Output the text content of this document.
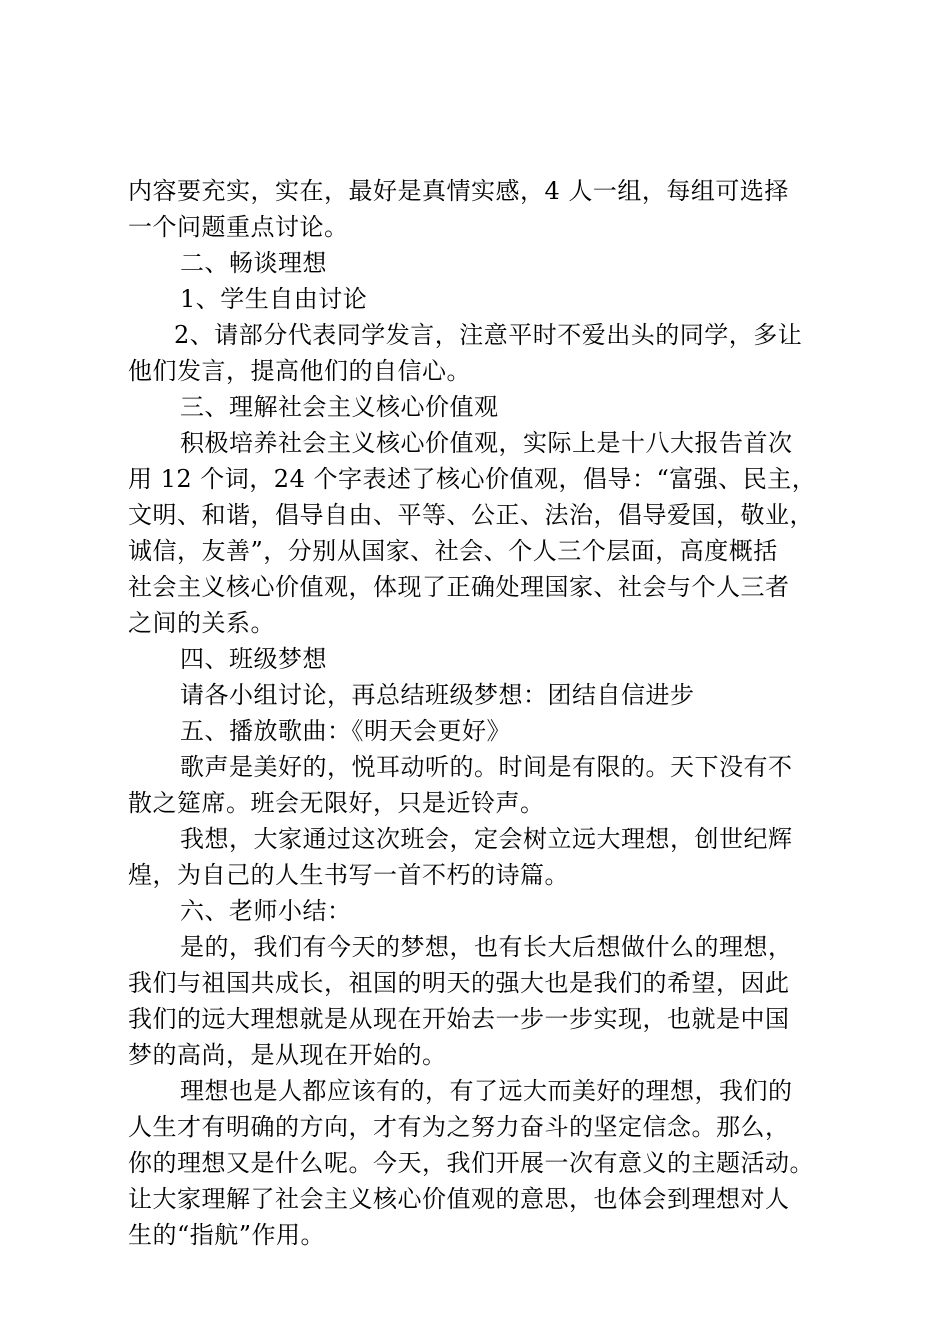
内容要充实，实在，最好是真情实感，4 人一组，每组可选择
一个问题重点讨论。
二、畅谈理想
1、学生自由讨论
2、请部分代表同学发言，注意平时不爱出头的同学，多让
他们发言，提高他们的自信心。
三、理解社会主义核心价值观
积极培养社会主义核心价值观，实际上是十八大报告首次
用 12 个词，24 个字表述了核心价值观，倡导：“富强、民主，
文明、和谐，倡导自由、平等、公正、法治，倡导爱国，敬业，
诚信，友善”，分别从国家、社会、个人三个层面，高度概括
社会主义核心价值观，体现了正确处理国家、社会与个人三者
之间的关系。
四、班级梦想
请各小组讨论，再总结班级梦想：团结自信进步
五、播放歌曲：《明天会更好》
歌声是美好的，悦耳动听的。时间是有限的。天下没有不
散之筵席。班会无限好，只是近铃声。
我想，大家通过这次班会，定会树立远大理想，创世纪辉
煌，为自己的人生书写一首不朽的诗篇。
六、老师小结：
是的，我们有今天的梦想，也有长大后想做什么的理想，
我们与祖国共成长，祖国的明天的强大也是我们的希望，因此
我们的远大理想就是从现在开始去一步一步实现，也就是中国
梦的高尚，是从现在开始的。
理想也是人都应该有的，有了远大而美好的理想，我们的
人生才有明确的方向，才有为之努力奋斗的坚定信念。那么，
你的理想又是什么呢。今天，我们开展一次有意义的主题活动。
让大家理解了社会主义核心价值观的意思，也体会到理想对人
生的“指航”作用。
